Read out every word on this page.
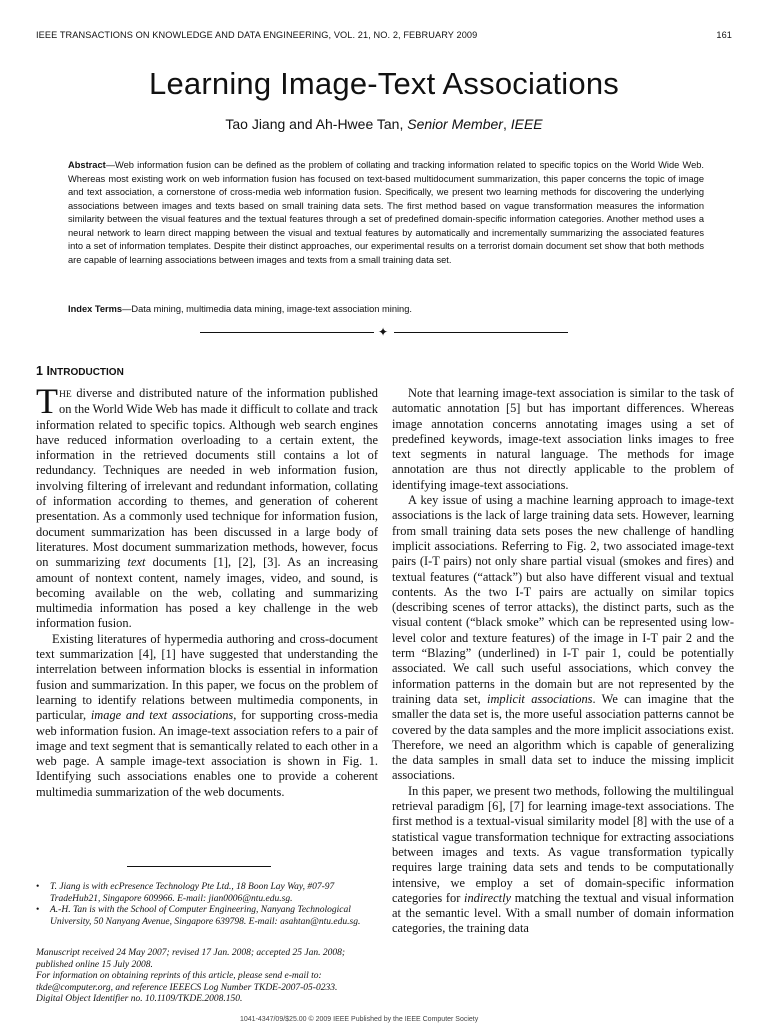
IEEE TRANSACTIONS ON KNOWLEDGE AND DATA ENGINEERING, VOL. 21, NO. 2, FEBRUARY 2009	161
Learning Image-Text Associations
Tao Jiang and Ah-Hwee Tan, Senior Member, IEEE

Abstract—Web information fusion can be defined as the problem of collating and tracking information related to specific topics on the World Wide Web. Whereas most existing work on web information fusion has focused on text-based multidocument summarization, this paper concerns the topic of image and text association, a cornerstone of cross-media web information fusion. Specifically, we present two learning methods for discovering the underlying associations between images and texts based on small training data sets. The first method based on vague transformation measures the information similarity between the visual features and the textual features through a set of predefined domain-specific information categories. Another method uses a neural network to learn direct mapping between the visual and textual features by automatically and incrementally summarizing the associated features into a set of information templates. Despite their distinct approaches, our experimental results on a terrorist domain document set show that both methods are capable of learning associations between images and texts from a small training data set.

Index Terms—Data mining, multimedia data mining, image-text association mining.

✦
1 INTRODUCTION

THE diverse and distributed nature of the information published on the World Wide Web has made it difficult to collate and track information related to specific topics. Although web search engines have reduced information overloading to a certain extent, the information in the retrieved documents still contains a lot of redundancy. Techniques are needed in web information fusion, involving filtering of irrelevant and redundant information, collating of information according to themes, and generation of coherent presentation. As a commonly used technique for information fusion, document summarization has been discussed in a large body of literatures. Most document summarization methods, however, focus on summarizing text documents [1], [2], [3]. As an increasing amount of nontext content, namely images, video, and sound, is becoming available on the web, collating and summarizing multimedia information has posed a key challenge in the web information fusion.

Existing literatures of hypermedia authoring and cross-document text summarization [4], [1] have suggested that understanding the interrelation between information blocks is essential in information fusion and summarization. In this paper, we focus on the problem of learning to identify relations between multimedia components, in particular, image and text associations, for supporting cross-media web information fusion. An image-text association refers to a pair of image and text segment that is semantically related to each other in a web page. A sample image-text association is shown in Fig. 1. Identifying such associations enables one to provide a coherent multimedia summarization of the web documents.

• T. Jiang is with ecPresence Technology Pte Ltd., 18 Boon Lay Way, #07-97 TradeHub21, Singapore 609966. E-mail: jian0006@ntu.edu.sg.
• A.-H. Tan is with the School of Computer Engineering, Nanyang Technological University, 50 Nanyang Avenue, Singapore 639798. E-mail: asahtan@ntu.edu.sg.
Manuscript received 24 May 2007; revised 17 Jan. 2008; accepted 25 Jan. 2008; published online 15 July 2008.
For information on obtaining reprints of this article, please send e-mail to: tkde@computer.org, and reference IEEECS Log Number TKDE-2007-05-0233.
Digital Object Identifier no. 10.1109/TKDE.2008.150.

Note that learning image-text association is similar to the task of automatic annotation [5] but has important differences. Whereas image annotation concerns annotating images using a set of predefined keywords, image-text association links images to free text segments in natural language. The methods for image annotation are thus not directly applicable to the problem of identifying image-text associations.

A key issue of using a machine learning approach to image-text associations is the lack of large training data sets. However, learning from small training data sets poses the new challenge of handling implicit associations. Referring to Fig. 2, two associated image-text pairs (I-T pairs) not only share partial visual (smokes and fires) and textual features (“attack”) but also have different visual and textual contents. As the two I-T pairs are actually on similar topics (describing scenes of terror attacks), the distinct parts, such as the visual content (“black smoke” which can be represented using low-level color and texture features) of the image in I-T pair 2 and the term “Blazing” (underlined) in I-T pair 1, could be potentially associated. We call such useful associations, which convey the information patterns in the domain but are not represented by the training data set, implicit associations. We can imagine that the smaller the data set is, the more useful association patterns cannot be covered by the data samples and the more implicit associations exist. Therefore, we need an algorithm which is capable of generalizing the data samples in small data set to induce the missing implicit associations.

In this paper, we present two methods, following the multilingual retrieval paradigm [6], [7] for learning image-text associations. The first method is a textual-visual similarity model [8] with the use of a statistical vague transformation technique for extracting associations between images and texts. As vague transformation typically requires large training data sets and tends to be computationally intensive, we employ a set of domain-specific information categories for indirectly matching the textual and visual information at the semantic level. With a small number of domain information categories, the training data

1041-4347/09/$25.00 © 2009 IEEE Published by the IEEE Computer Society
